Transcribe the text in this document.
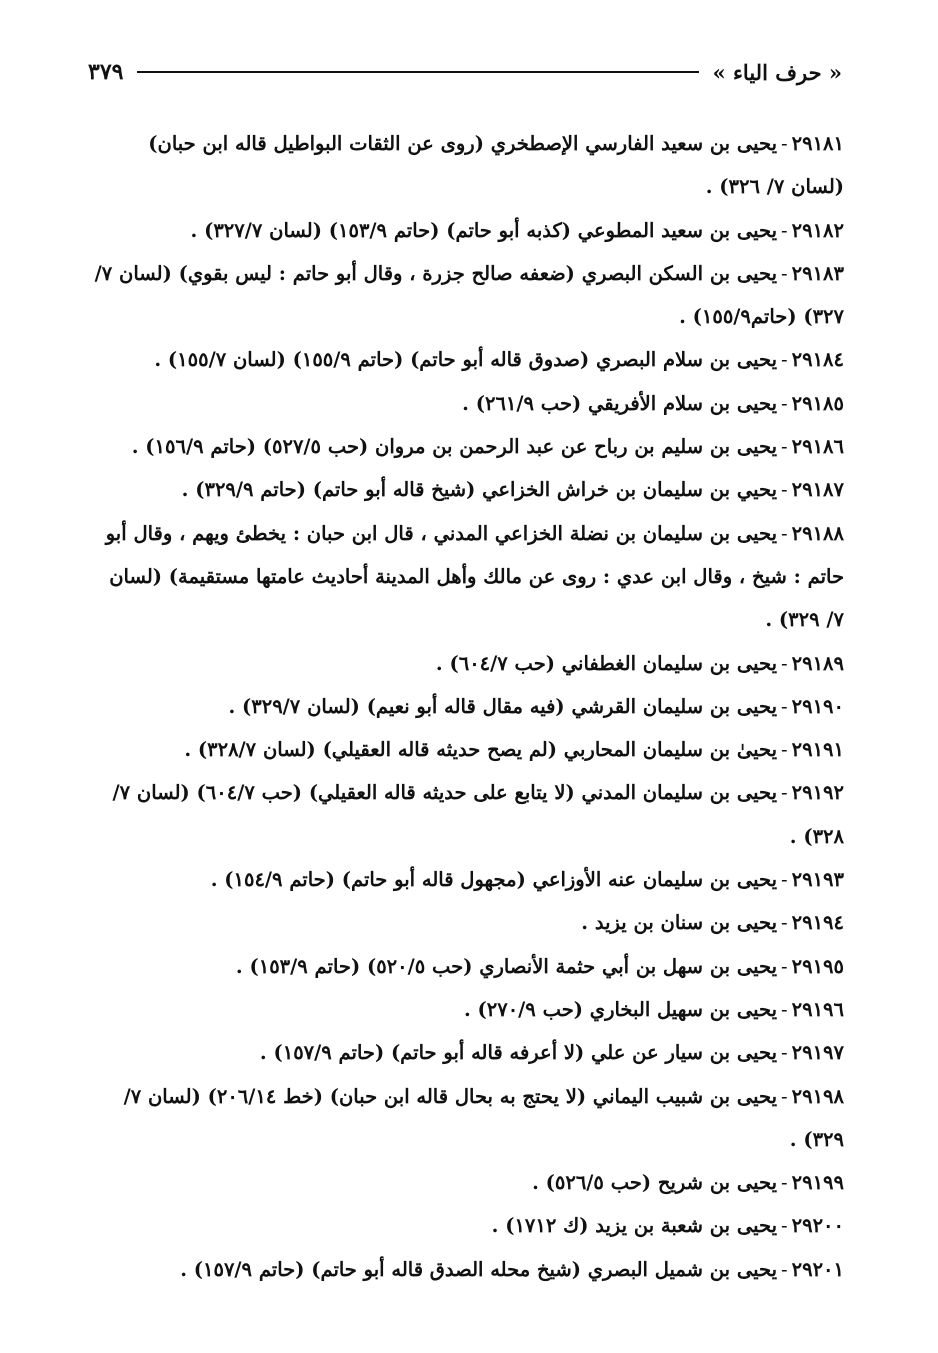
« حرف الياء »
٣٧٩

٢٩١٨١-يحيى بن سعيد الفارسي الإصطخري (روى عن الثقات البواطيل قاله ابن حبان) (لسان ٧/ ٣٢٦) .

٢٩١٨٢-يحيى بن سعيد المطوعي (كذبه أبو حاتم) (حاتم ١٥٣/٩) (لسان ٣٢٧/٧) .

٢٩١٨٣-يحيى بن السكن البصري (ضعفه صالح جزرة ، وقال أبو حاتم : ليس بقوي) (لسان ٧/ ٣٢٧) (حاتم١٥٥/٩) .

٢٩١٨٤-يحيى بن سلام البصري (صدوق قاله أبو حاتم) (حاتم ١٥٥/٩) (لسان ١٥٥/٧) .

٢٩١٨٥-يحيى بن سلام الأفريقي (حب ٢٦١/٩) .

٢٩١٨٦-يحيى بن سليم بن رباح عن عبد الرحمن بن مروان (حب ٥٢٧/٥) (حاتم ١٥٦/٩) .

٢٩١٨٧-يحيي بن سليمان بن خراش الخزاعي (شيخ قاله أبو حاتم) (حاتم ٣٢٩/٩) .

٢٩١٨٨-يحيى بن سليمان بن نضلة الخزاعي المدني ، قال ابن حبان : يخطئ ويهم ، وقال أبو حاتم : شيخ ، وقال ابن عدي : روى عن مالك وأهل المدينة أحاديث عامتها مستقيمة) (لسان ٧/ ٣٢٩) .

٢٩١٨٩-يحيى بن سليمان الغطفاني (حب ٦٠٤/٧) .

٢٩١٩٠-يحيى بن سليمان القرشي (فيه مقال قاله أبو نعيم) (لسان ٣٢٩/٧) .

٢٩١٩١-يحيىٰ بن سليمان المحاربي (لم يصح حديثه قاله العقيلي) (لسان ٣٢٨/٧) .

٢٩١٩٢-يحيى بن سليمان المدني (لا يتابع على حديثه قاله العقيلي) (حب ٦٠٤/٧) (لسان ٧/ ٣٢٨) .

٢٩١٩٣-يحيى بن سليمان عنه الأوزاعي (مجهول قاله أبو حاتم) (حاتم ١٥٤/٩) .

٢٩١٩٤-يحيى بن سنان بن يزيد .

٢٩١٩٥-يحيى بن سهل بن أبي حثمة الأنصاري (حب ٥٢٠/٥) (حاتم ١٥٣/٩) .

٢٩١٩٦-يحيى بن سهيل البخاري (حب ٢٧٠/٩) .

٢٩١٩٧-يحيى بن سيار عن علي (لا أعرفه قاله أبو حاتم) (حاتم ١٥٧/٩) .

٢٩١٩٨-يحيى بن شبيب اليماني (لا يحتج به بحال قاله ابن حبان) (خط ٢٠٦/١٤) (لسان ٧/ ٣٢٩) .

٢٩١٩٩-يحيى بن شريح (حب ٥٢٦/٥) .

٢٩٢٠٠-يحيى بن شعبة بن يزيد (ك ١٧١٢) .

٢٩٢٠١-يحيى بن شميل البصري (شيخ محله الصدق قاله أبو حاتم) (حاتم ١٥٧/٩) .
